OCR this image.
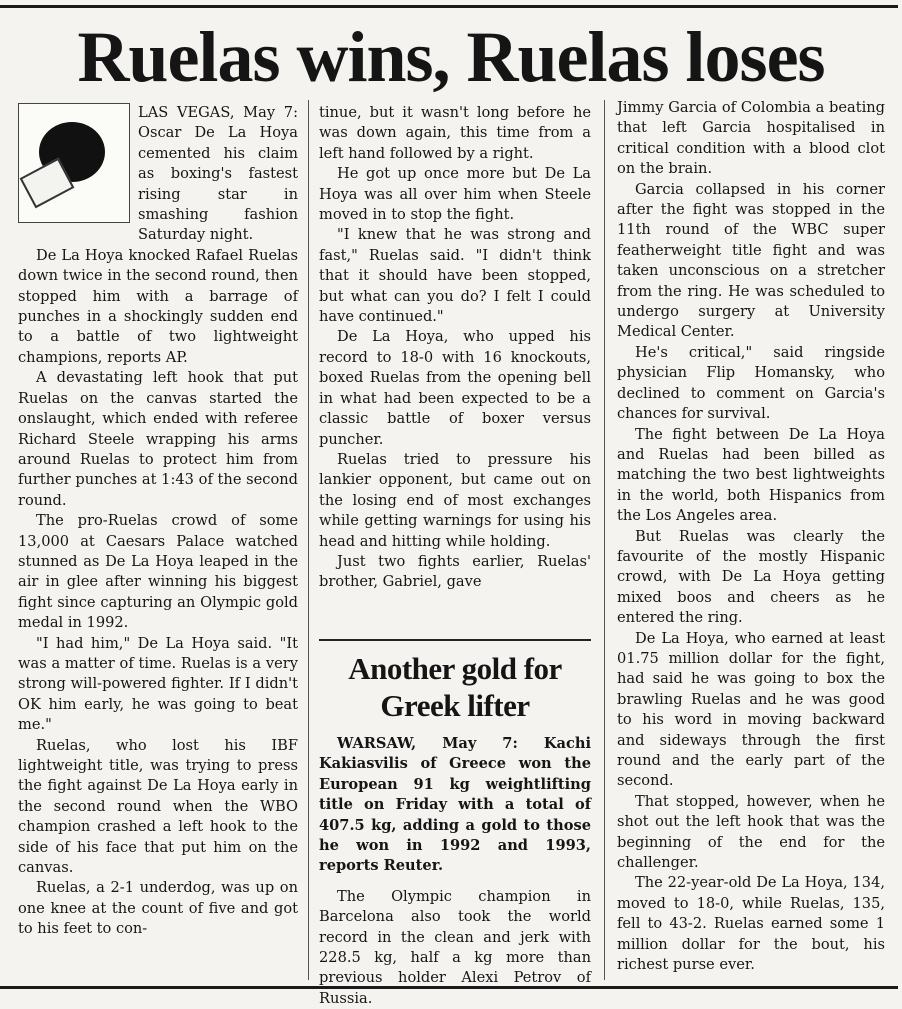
Ruelas wins, Ruelas loses

LAS VEGAS, May 7: Oscar De La Hoya cemented his claim as boxing's fastest rising star in smashing fashion Saturday night.

De La Hoya knocked Rafael Ruelas down twice in the second round, then stopped him with a barrage of punches in a shockingly sudden end to a battle of two lightweight champions, reports AP.

A devastating left hook that put Ruelas on the canvas started the onslaught, which ended with referee Richard Steele wrapping his arms around Ruelas to protect him from further punches at 1:43 of the second round.

The pro-Ruelas crowd of some 13,000 at Caesars Palace watched stunned as De La Hoya leaped in the air in glee after winning his biggest fight since capturing an Olympic gold medal in 1992.

"I had him," De La Hoya said. "It was a matter of time. Ruelas is a very strong will-powered fighter. If I didn't OK him early, he was going to beat me."

Ruelas, who lost his IBF lightweight title, was trying to press the fight against De La Hoya early in the second round when the WBO champion crashed a left hook to the side of his face that put him on the canvas.

Ruelas, a 2-1 underdog, was up on one knee at the count of five and got to his feet to con-

tinue, but it wasn't long before he was down again, this time from a left hand followed by a right.

He got up once more but De La Hoya was all over him when Steele moved in to stop the fight.

"I knew that he was strong and fast," Ruelas said. "I didn't think that it should have been stopped, but what can you do? I felt I could have continued."

De La Hoya, who upped his record to 18-0 with 16 knockouts, boxed Ruelas from the opening bell in what had been expected to be a classic battle of boxer versus puncher.

Ruelas tried to pressure his lankier opponent, but came out on the losing end of most exchanges while getting warnings for using his head and hitting while holding.

Just two fights earlier, Ruelas' brother, Gabriel, gave

Another gold for Greek lifter

WARSAW, May 7: Kachi Kakiasvilis of Greece won the European 91 kg weightlifting title on Friday with a total of 407.5 kg, adding a gold to those he won in 1992 and 1993, reports Reuter.

The Olympic champion in Barcelona also took the world record in the clean and jerk with 228.5 kg, half a kg more than previous holder Alexi Petrov of Russia.

Jimmy Garcia of Colombia a beating that left Garcia hospitalised in critical condition with a blood clot on the brain.

Garcia collapsed in his corner after the fight was stopped in the 11th round of the WBC super featherweight title fight and was taken unconscious on a stretcher from the ring. He was scheduled to undergo surgery at University Medical Center.

He's critical," said ringside physician Flip Homansky, who declined to comment on Garcia's chances for survival.

The fight between De La Hoya and Ruelas had been billed as matching the two best lightweights in the world, both Hispanics from the Los Angeles area.

But Ruelas was clearly the favourite of the mostly Hispanic crowd, with De La Hoya getting mixed boos and cheers as he entered the ring.

De La Hoya, who earned at least 01.75 million dollar for the fight, had said he was going to box the brawling Ruelas and he was good to his word in moving backward and sideways through the first round and the early part of the second.

That stopped, however, when he shot out the left hook that was the beginning of the end for the challenger.

The 22-year-old De La Hoya, 134, moved to 18-0, while Ruelas, 135, fell to 43-2. Ruelas earned some 1 million dollar for the bout, his richest purse ever.
